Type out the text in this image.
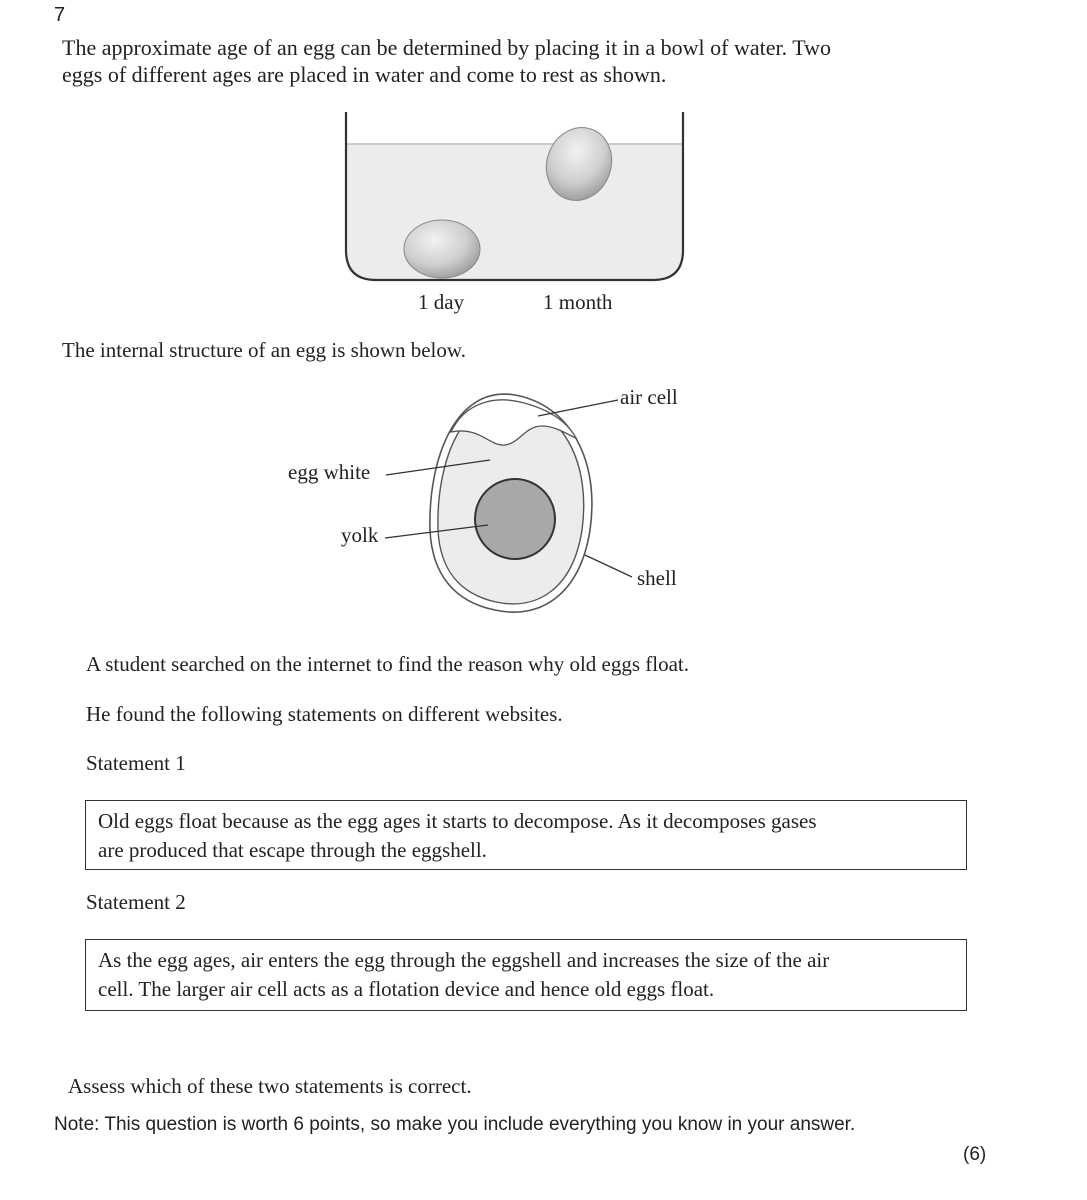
7
The approximate age of an egg can be determined by placing it in a bowl of water. Two
eggs of different ages are placed in water and come to rest as shown.
1 day	1 month
The internal structure of an egg is shown below.
air cell
egg white
yolk
shell
A student searched on the internet to find the reason why old eggs float.
He found the following statements on different websites.
Statement 1
Old eggs float because as the egg ages it starts to decompose. As it decomposes gases
are produced that escape through the eggshell.
Statement 2
As the egg ages, air enters the egg through the eggshell and increases the size of the air
cell. The larger air cell acts as a flotation device and hence old eggs float.
Assess which of these two statements is correct.
Note: This question is worth 6 points, so make you include everything you know in your answer.
(6)
